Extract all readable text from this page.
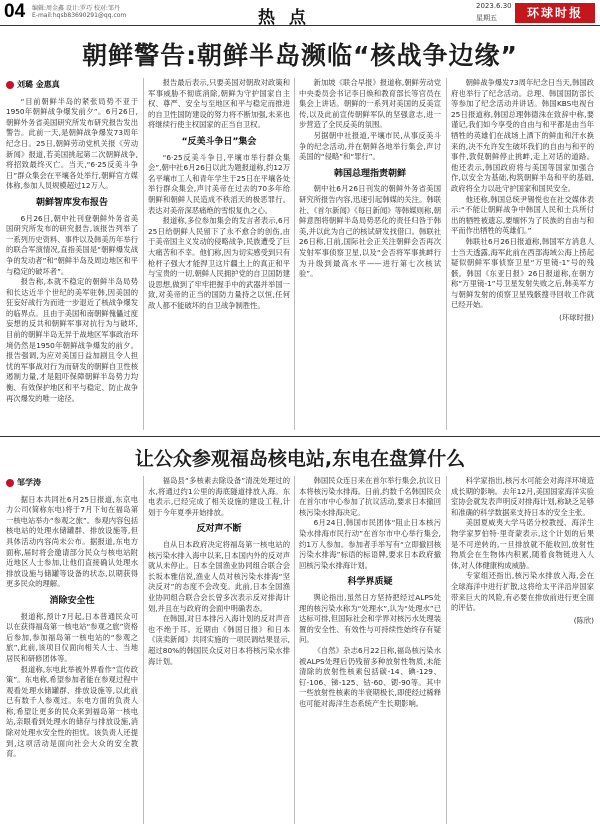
04 编辑:周金鑫 设计:罗巧 校对:邹丹
E-mail:hqsb83690291@qq.com	热 点
2023.6.30
星期五	环球时报
朝鲜警告:朝鲜半岛濒临“核战争边缘”
刘璐 金惠真

“目前朝鲜半岛的紧张局势不亚于1950年朝鲜战争爆发前夕”。6月26日,朝鲜外务省美国研究所发布研究报告发出警告。此前一天,是朝鲜战争爆发73周年纪念日。25日,朝鲜劳动党机关报《劳动新闻》报道,若美国挑起第二次朝鲜战争,将招致最终灭亡。当天,“6·25反美斗争日”群众集会在平壤各处举行,朝鲜官方媒体称,参加人员规模超过12万人。

朝鲜智库发布报告

6月26日,朝中社刊登朝鲜外务省美国研究所发布的研究报告,该报告列举了一系列历史资料、事件以及韩美历年举行的联合军演情况,直指美国是“朝鲜爆发战争的发动者”和“朝鲜半岛及周边地区和平与稳定的破坏者”。

报告称,本就不稳定的朝鲜半岛局势和长达近半个世纪的美军驻韩,因美国的狂妄好战行为而进一步退近了核战争爆发的临界点。且由于美国和南朝鲜傀儡过度妄想的反共和朝鲜军事对抗行为与破坏,目前的朝鲜半岛无异于战地区军事政治环境仍然是1950年朝鲜战争爆发的前夕。报告强调,为应对美国日益加剧且令人担忧的军事战对行为而研发的朝鲜自卫性核遏制力量,才是阻吓保障朝鲜半岛势力均衡、有效保护地区和平与稳定、防止战争再次爆发的唯一途径。

报告最后表示,只要美国对朝敌对政策和军事威胁不彻底消除,朝鲜为守护国家自主权、尊严、安全与至地区和平与稳定而推进的自卫性国防建设的努力将不断加强,未来也将继续行使主权国家的正当自卫权。

“反美斗争日”集会

“6·25反美斗争日,平壤市举行群众集会”,朝中社6月26日以此为题报道称,约12万名平壤市工人和青年学生于25日在平壤各处举行群众集会,声讨美帝在过去的70多年给朝鲜和朝鲜人民造成不秩滔天的极恶罪行。表达对美帝深恶痛绝的雪恨复仇之心。

报道称,多位参加集会的发言者表示,6月25日给朝鲜人民留下了永不愈合的创伤,由于美帝国主义发动的侵略战争,民族遭受了巨大痛苦和不幸。他们称,因为切实感受到只有枪杆子强大才能捍卫这片疆土上的真正和平与宝贵的一切,朝鲜人民拥护党的自卫国防建设思想,做到了牢牢把握手中的武器并举国一致,对美帝的正当的国防力量持之以恒,任何敌人都不能破坏的自卫战争制胜性。

新加坡《联合早报》报道称,朝鲜劳动党中央委员会书记李日焕和教育部长等官员在集会上讲话。朝鲜的一系列对美国的反美宣传,以及此前宣传朝鲜军队的坚强意志,进一步营造了全民反美的氛围。

另据朝中社报道,平壤市民,从事反美斗争的纪念活动,并在朝鲜各地举行集会,声讨美国的“侵略”和“罪行”。

韩国总理指责朝鲜

朝中社6月26日刊发的朝鲜外务省美国研究所报告内容,迅速引起韩媒的关注。韩联社、《首尔新闻》《每日新闻》等韩媒则称,朝鲜意图将朝鲜半岛局势恶化的责任归咎于韩美,并以此为自己的核试研发找借口。韩联社26日称,日前,国际社会正关注朝鲜会否再次发射军事侦察卫星,以及“会否将军事挑衅行为升级到最高水平——进行第七次核试验”。

朝鲜战争爆发73周年纪念日当天,韩国政府也举行了纪念活动。总理、韩国国防部长等参加了纪念活动并讲话。韩国KBS电视台25日报道称,韩国总理韩德洙在致辞中称,要谨记,我们如今享受的自由与和平都是由当年牺牲的英雄们在战场上洒下的鲜血和汗水换来的,决不允许发生破坏我们的自由与和平的事件,敦促朝鲜停止挑衅,走上对话的道路。他还表示,韩国政府将与美国等国家加强合作,以安全为基础,构筑朝鲜半岛和平的基础,政府将全力以赴守护国家和国民安全。

他还称,韩国总统尹锡悦也在社交媒体表示:“不能让朝鲜战争中韩国人民和士兵所付出的牺牲被遗忘,要缅怀为了民族的自由与和平而作出牺牲的英雄们。”

韩联社6月26日报道称,韩国军方消息人士当天透露,海军此前在西部海域公海上捞起疑似朝鲜军事侦察卫星“万里镜-1”号的残骸。韩国《东亚日报》26日报道称,在朝方称“万里镜-1”号卫星发射失败之后,韩美军方与朝鲜发射的侦察卫星残骸搜寻回收工作就已经开始。

(环球时报)

让公众参观福岛核电站,东电在盘算什么
邹学涛

据日本共同社6月25日报道,东京电力公司(简称东电)将于7月下旬在福岛第一核电站举办“参观之旅”。参观内容包括核电站的处理水储罐群、排放设施等,但具体活动内容尚未公布。据报道,东电方面称,届时将会邀请部分民众与核电站附近地区人士参加,让他们直接确认处理水排放设施与储罐等设备的状态,以期获得更多民众的理解。

消除安全性

报道称,预计7月起,日本普通民众可以在获得福岛第一核电站“参观之旅”资格后参加,参加福岛第一核电站的“参观之旅”,此前,该项目仅面向相关人士、当地居民和研修团体等。

报道称,东电此举被外界看作“宣传政策”。东电称,希望参加者能在参观过程中观看处理水储罐群、排放设施等,以此前已有数千人参观过。东电方面的负责人称,希望让更多的民众来到福岛第一核电站,亲眼看到处理水的储存与排放设施,消除对处理水安全性的担忧。该负责人还提到,这项活动是面向社会大众的安全教育。

福岛县“多核素去除设备”清洗处理过的水,将通过约1公里的海底隧道排放入海。东电表示,已经完成了相关设施的建设工程,计划于今年夏季开始排放。

反对声不断

自从日本政府决定将福岛第一核电站的核污染水排入海中以来,日本国内外的反对声就从未停止。日本全国渔业协同组合联合会长坂本雅信说,渔业人员对核污染水排海“坚决反对”的态度不会改变。此前,日本全国渔业协同组合联合会长曾多次表示反对排海计划,并且在与政府的会面中明确表态。

在韩国,对日本排污入海计划的反对声音也不绝于耳。近期由《韩国日报》和日本《读卖新闻》共同实施的一项民调结果显示,超过80%的韩国民众反对日本将核污染水排海计划。

韩国民众连日来在首尔举行集会,抗议日本将核污染水排海。日前,约数千名韩国民众在首尔市中心参加了抗议活动,要求日本撤回核污染水排海决定。

6月24日,韩国市民团体“阻止日本核污染水排海市民行动”在首尔市中心举行集会,约1万人参加。参加者手举写有“立即撤回核污染水排海”标语的标语牌,要求日本政府撤回核污染水排海计划。

科学界质疑

舆论指出,虽然日方坚持把经过ALPS处理的核污染水称为“处理水”,认为“处理水”已达标可排,但国际社会和学界对核污水处理装置的安全性、有效性与可持续性始终存有疑问。

《自然》杂志6月22日称,福岛核污染水被ALPS处理后仍残留多种放射性物质,未能清除的放射性核素包括碳-14、碘-129、钌-106、锑-125、钴-60、锶-90等。其中一些放射性核素的半衰期极长,即使经过稀释也可能对海洋生态系统产生长期影响。

科学家指出,核污水可能会对海洋环境造成长期的影响。去年12月,美国国家海洋实验室协会就发表声明反对排海计划,称缺乏足够和准确的科学数据来支持日本的安全主张。

美国夏威夷大学马诺分校教授、海洋生物学家罗伯特·里奇蒙表示,这个计划的后果是不可逆转的,一旦排放就不能收回,放射性物质会在生物体内积累,随着食物链进入人体,对人体健康构成威胁。

专家组还指出,核污染水排放入海,会在全球海洋中进行扩散,这将给太平洋沿岸国家带来巨大的风险,有必要在排放前进行更全面的评估。

(陈欣)
